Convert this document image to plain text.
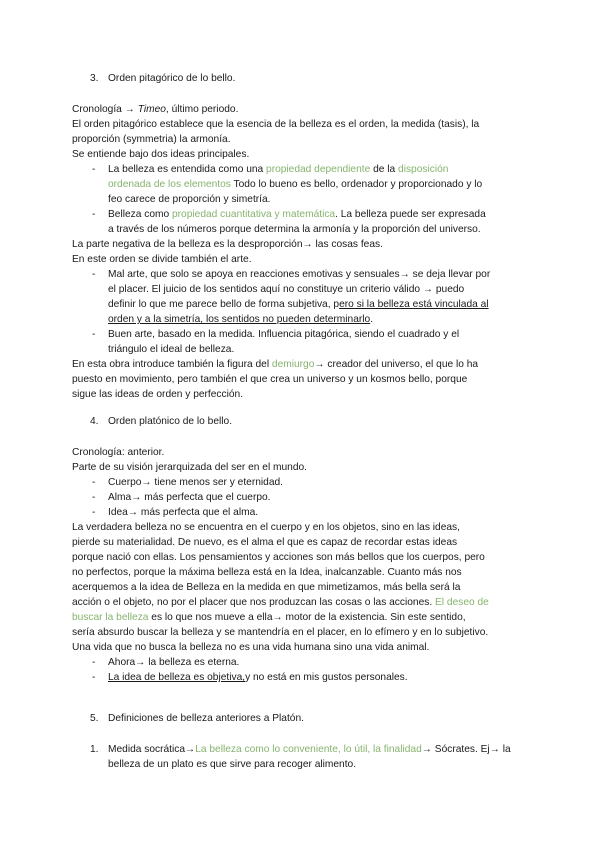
3. Orden pitagórico de lo bello.
Cronología → Timeo, último periodo.
El orden pitagórico establece que la esencia de la belleza es el orden, la medida (tasis), la
proporción (symmetria) la armonía.
Se entiende bajo dos ideas principales.
- La belleza es entendida como una propiedad dependiente de la disposición
ordenada de los elementos Todo lo bueno es bello, ordenador y proporcionado y lo
feo carece de proporción y simetría.
- Belleza como propiedad cuantitativa y matemática. La belleza puede ser expresada
a través de los números porque determina la armonía y la proporción del universo.
La parte negativa de la belleza es la desproporción→ las cosas feas.
En este orden se divide también el arte.
- Mal arte, que solo se apoya en reacciones emotivas y sensuales→ se deja llevar por
el placer. El juicio de los sentidos aquí no constituye un criterio válido → puedo
definir lo que me parece bello de forma subjetiva, pero si la belleza está vinculada al
orden y a la simetría, los sentidos no pueden determinarlo.
- Buen arte, basado en la medida. Influencia pitagórica, siendo el cuadrado y el
triángulo el ideal de belleza.
En esta obra introduce también la figura del demiurgo→ creador del universo, el que lo ha
puesto en movimiento, pero también el que crea un universo y un kosmos bello, porque
sigue las ideas de orden y perfección.
4. Orden platónico de lo bello.
Cronología: anterior.
Parte de su visión jerarquizada del ser en el mundo.
- Cuerpo→ tiene menos ser y eternidad.
- Alma→ más perfecta que el cuerpo.
- Idea→ más perfecta que el alma.
La verdadera belleza no se encuentra en el cuerpo y en los objetos, sino en las ideas,
pierde su materialidad. De nuevo, es el alma el que es capaz de recordar estas ideas
porque nació con ellas. Los pensamientos y acciones son más bellos que los cuerpos, pero
no perfectos, porque la máxima belleza está en la Idea, inalcanzable. Cuanto más nos
acerquemos a la idea de Belleza en la medida en que mimetizamos, más bella será la
acción o el objeto, no por el placer que nos produzcan las cosas o las acciones. El deseo de
buscar la belleza es lo que nos mueve a ella→ motor de la existencia. Sin este sentido,
sería absurdo buscar la belleza y se mantendría en el placer, en lo efímero y en lo subjetivo.
Una vida que no busca la belleza no es una vida humana sino una vida animal.
- Ahora→ la belleza es eterna.
- La idea de belleza es objetiva,y no está en mis gustos personales.
5. Definiciones de belleza anteriores a Platón.
1. Medida socrática→La belleza como lo conveniente, lo útil, la finalidad→ Sócrates. Ej→ la
belleza de un plato es que sirve para recoger alimento.
